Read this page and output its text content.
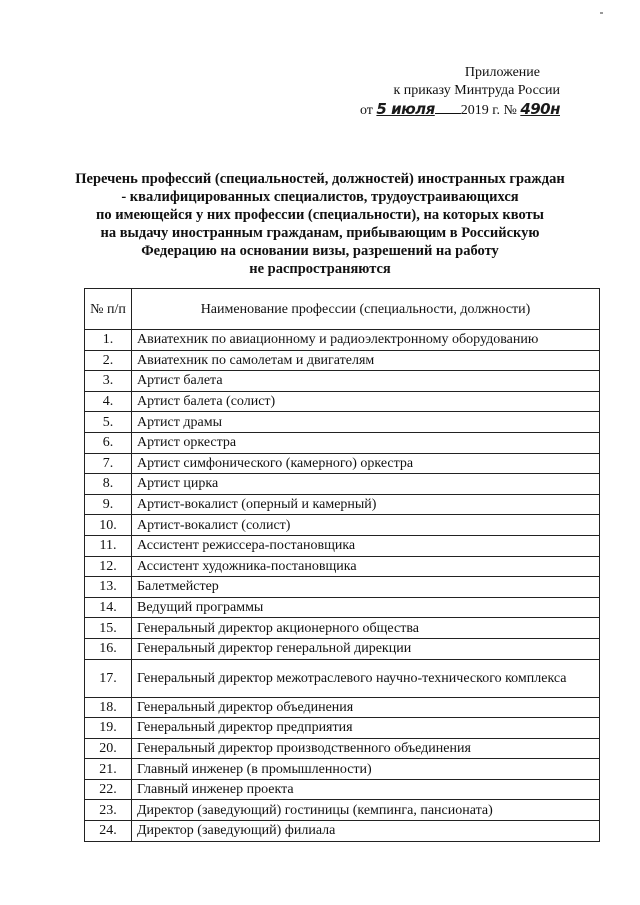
Приложение
к приказу Минтруда России
от 5 июля 2019 г. № 490н
Перечень профессий (специальностей, должностей) иностранных граждан
- квалифицированных специалистов, трудоустраивающихся
по имеющейся у них профессии (специальности), на которых квоты
на выдачу иностранным гражданам, прибывающим в Российскую
Федерацию на основании визы, разрешений на работу
не распространяются
№ п/п	Наименование профессии (специальности, должности)
1.	Авиатехник по авиационному и радиоэлектронному оборудованию
2.	Авиатехник по самолетам и двигателям
3.	Артист балета
4.	Артист балета (солист)
5.	Артист драмы
6.	Артист оркестра
7.	Артист симфонического (камерного) оркестра
8.	Артист цирка
9.	Артист-вокалист (оперный и камерный)
10.	Артист-вокалист (солист)
11.	Ассистент режиссера-постановщика
12.	Ассистент художника-постановщика
13.	Балетмейстер
14.	Ведущий программы
15.	Генеральный директор акционерного общества
16.	Генеральный директор генеральной дирекции
17.	Генеральный директор межотраслевого научно-технического комплекса
18.	Генеральный директор объединения
19.	Генеральный директор предприятия
20.	Генеральный директор производственного объединения
21.	Главный инженер (в промышленности)
22.	Главный инженер проекта
23.	Директор (заведующий) гостиницы (кемпинга, пансионата)
24.	Директор (заведующий) филиала
